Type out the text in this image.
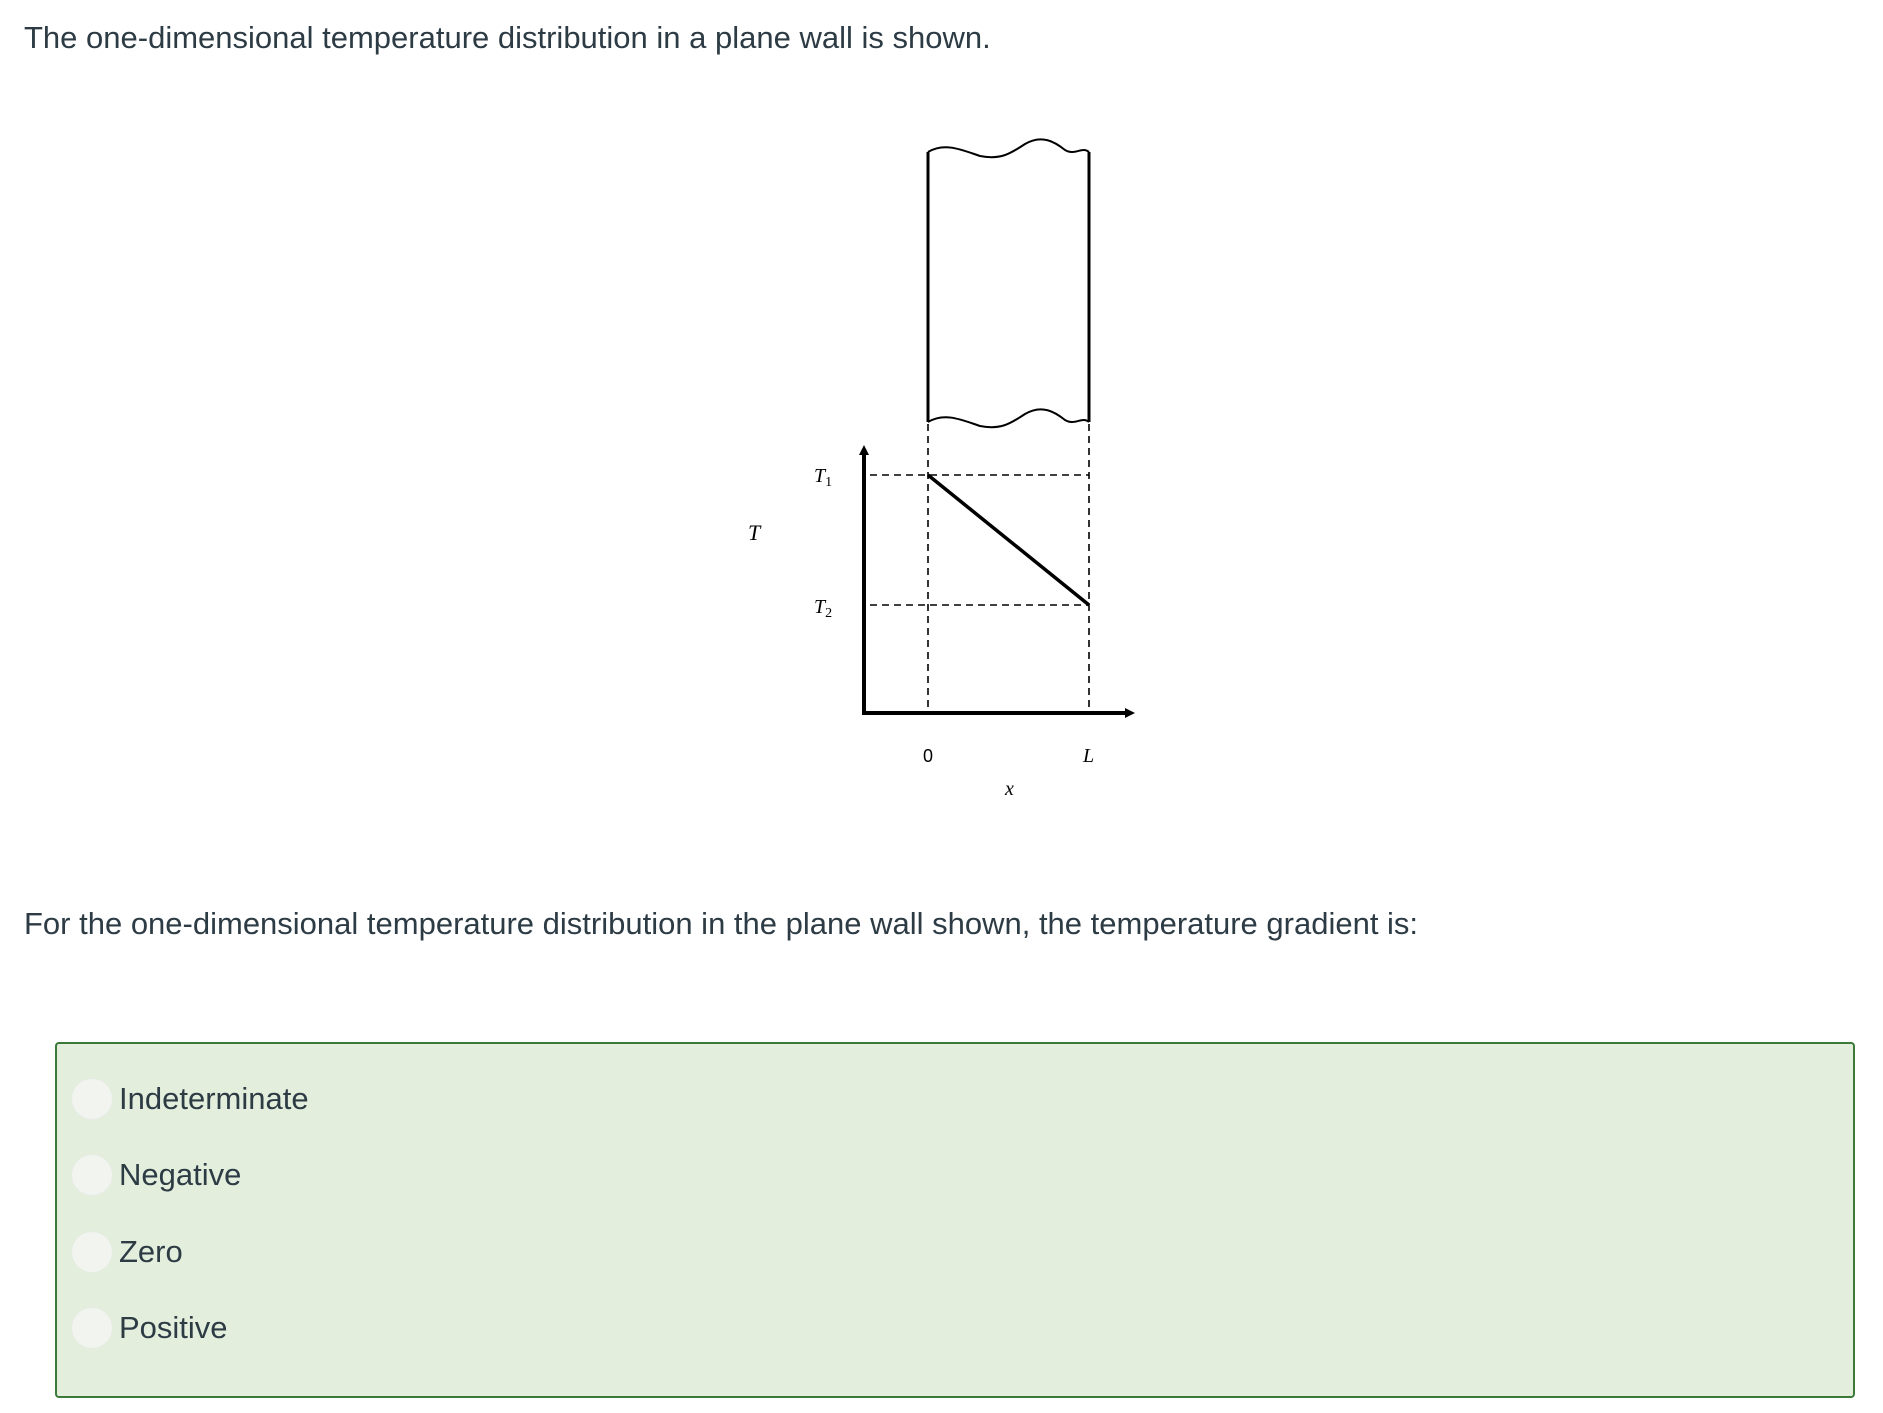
The one-dimensional temperature distribution in a plane wall is shown.

$T_1$
$T_2$
T
0	L
x

For the one-dimensional temperature distribution in the plane wall shown, the temperature gradient is:

Indeterminate
Negative
Zero
Positive
